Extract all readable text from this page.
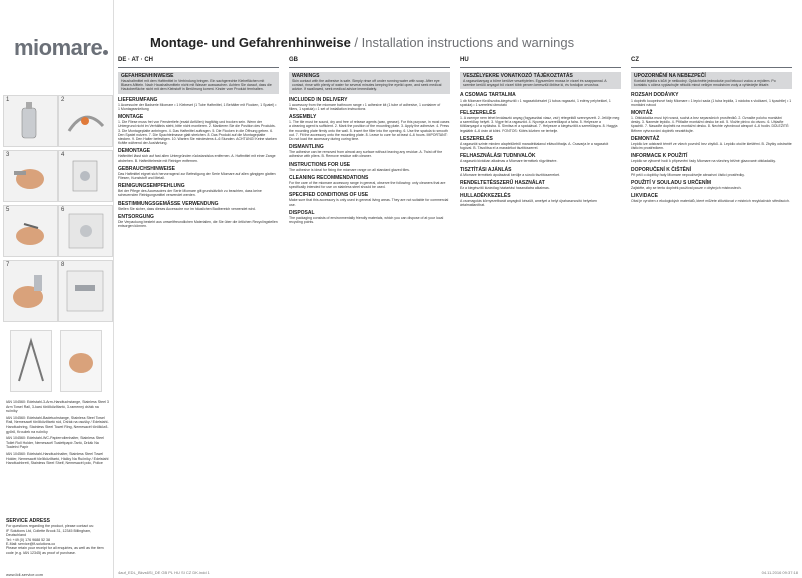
miomare
1	2
3	4
5	6
7	8

IAN 104560: Edelstahl-3-Arm-Handtuchstange, Stainless Steel 3 Arm Towel Rail, 3-karú törölközőtartó, 3-ramenný držák na ručníky

IAN 104560: Edelstahl-Badetuchstange, Stainless Steel Towel Rail, Nemesacél törölközőtartó rúd, Držák na osušky / Edelstahl-Handtuchring, Stainless Steel Towel Ring, Nemesacél törölköző-gyűrű, Kroužek na ručníky

IAN 104560: Edelstahl-WC-Papierrollenhalter, Stainless Steel Toilet Roll Holder, Nemesacél Toalettpapír-Tartó, Držák Na Toaletní Papír

IAN 104560: Edelstahl-Handtuchhalter, Stainless Steel Towel Holder, Nemesacél törölközőtartó, Háčky Na Ručníky / Edelstahl Handtuchbrett, Stainless Steel Shelf, Nemesacél polc, Police

SERVICE ADRESS
For questions regarding the product, please contact us:
IF Solutions Ltd, Collette Brook 31, 12345 Billingham, Deutschland
Tel: +49 (0) 176 9688 52 38
E-Mail: service@if-solutions.co
Please retain your receipt for all enquiries, as well as the item code (e.g. IAN 12345) as proof of purchase.
www.lidl-service.com
Montage- und Gefahrenhinweise / Installation instructions and warnings
DE · AT · CH	GB	HU	CZ
GEFAHRENHINWEISE

Haushaltmittel mit dem Hafttmittel in Verbindung bringen. Ein sachgerechte Klebeflächen mit Blasen-Mitteln. Nach Haushaltsmitteln nicht mit Wasser auswaschen. Achten Sie darauf, dass die Hautoberfläche nicht mit dem Klebstoff in Berührung kommt. Kinder vom Produkt fernhalten.

LIEFERUMFANG

1 Accessoire der Badserie Miomare • 1 Klebeset (1 Tube Haftmittel, 1 Behälter mit Flocken, 1 Spatel) • 1 Montageanleitung

MONTAGE

1. Die Fliese muss frei von Fenstertiefe (exakt Anfüllen) tragfähig und trocken sein. Wenn der Untergrund nicht im Verhältnis steht, bitte nicht montieren. 2. Markieren Sie die Position des Produkts. 3. Die Montageplatte anbringen. 4. Das Haftmittel auftragen. 5. Die Flocken in die Öffnung geben. 6. Den Spatel nutzen. 7. Die Spachtelmasse glatt streichen. 8. Das Produkt auf die Montageplatte stecken. 9. Den Halter befestigen. 10. Warten Sie mindestens 4–6 Stunden. ACHTUNG! Keine starken Kräfte während der Aushärtung.

DEMONTAGE

Haftmittel lässt sich auf fast allen Untergründen rückstandslos entfernen. A. Haftmittel mit einer Zange abdrehen. B. Haftmittelreste mit Reiniger entfernen.

GEBRAUCHSHINWEISE

Das Haftmittel eignet sich hervorragend zur Befestigung der Serie Miomare auf allen gängigen glatten Fliesen, Kunststoff und Metall.

REINIGUNGSEMPFEHLUNG

Bei der Pflege des Accessoires der Serie Miomare gilt grundsätzlich zu beachten, dass keine scheuernden Reinigungsmittel verwendet werden.

BESTIMMUNGSGEMÄSSE VERWENDUNG

Stellen Sie sicher, dass dieses Accessoire nur im häuslichen Badbereich verwendet wird.

ENTSORGUNG

Die Verpackung besteht aus umweltfreundlichen Materialien, die Sie über die örtlichen Recyclingstellen entsorgen können.

WARNINGS

Skin contact with the adhesive is safe. Simply rinse off under running water with soap. After eye contact, rinse with plenty of water for several minutes keeping the eyelid open, and seek medical advice. If swallowed, seek medical advice immediately.

INCLUDED IN DELIVERY

1 accessory from the miomare bathroom range • 1 adhesive kit (1 tube of adhesive, 1 container of fillers, 1 spatula) • 1 set of installation instructions

ASSEMBLY

1. The tile must be sound, dry and free of release agents (wax, grease). For this purpose, in most cases a cleaning agent is sufficient. 2. Mark the position of the mounting plate. 3. Apply the adhesive. 4. Press the mounting plate firmly onto the wall. 5. Insert the filler into the opening. 6. Use the spatula to smooth out. 7. Fit the accessory onto the mounting plate. 8. Leave to cure for at least 4–6 hours. IMPORTANT: Do not load the accessory during curing time.

DISMANTLING

The adhesive can be removed from almost any surface without leaving any residue. A. Twist off the adhesive with pliers. B. Remove residue with cleaner.

INSTRUCTIONS FOR USE

The adhesive is ideal for fixing the miomare range on all standard glazed tiles.

CLEANING RECOMMENDATIONS

For the care of the miomare accessory range in general, observe the following: only cleaners that are specifically intended for use on stainless steel should be used.

SPECIFIED CONDITIONS OF USE

Make sure that this accessory is only used in general living areas. They are not suitable for commercial use.

DISPOSAL

The packaging consists of environmentally friendly materials, which you can dispose of at your local recycling points.

VESZÉLYEKRE VONATKOZÓ TÁJÉKOZTATÁS

A ragasztóanyag a bőrre kerülve veszélytelen. Egyszerűen mossa le vízzel és szappannal. A szembe kerülő anyagot bő vízzel több percen keresztül öblítse ki, és forduljon orvoshoz.

A CSOMAG TARTALMA

1 db Miomare fürdőszoba-kiegészítő • 1 ragasztókészlet (1 tubus ragasztó, 1 edény pelyhekkel, 1 spatula) • 1 szerelési útmutató

FELSZERELÉS

1. A csempe nem lehet leválasztó anyag (fogyasztási viasz, zsír) rétegektől szennyezett. 2. Jelölje meg a szerelőlap helyét. 3. Vigye fel a ragasztót. 4. Nyomja a szerelőlapot a falra. 5. Helyezze a töltőanyagot a nyílásba. 6. Simítsa el a spatulával. 7. Helyezze a kiegészítőt a szerelőlapra. 8. Hagyja legalább 4–6 órán át kötni. FONTOS: Kötés közben ne terhelje.

LESZERELÉS

A ragasztót szinte minden alapfelületről maradéktalanul eltávolíthatja. A. Csavarja le a ragasztót fogóval. B. Távolítsa el a maradékot tisztítószerrel.

FELHASZNÁLÁSI TUDNIVALÓK

A ragasztó kiválóan alkalmas a Miomare termékek rögzítésére.

TISZTÍTÁSI AJÁNLÁS

A Miomare termékek ápolásánál kerülje a súroló tisztítószereket.

RENDELTETÉSSZERŰ HASZNÁLAT

Ez a kiegészítő kizárólag háztartási használatra alkalmas.

HULLADÉKKEZELÉS

A csomagolás környezetbarát anyagból készült, amelyet a helyi újrahasznosító helyeken ártalmatlaníthat.

UPOZORNĚNÍ NA NEBEZPEČÍ

Kontakt lepidla s kůží je neškodný. Opláchněte jednoduše pod tekoucí vodou a mýdlem. Po kontaktu s očima vyplachujte několik minut velkým množstvím vody a vyhledejte lékaře.

ROZSAH DODÁVKY

1 doplněk koupelnové řady Miomare • 1 lepicí sada (1 tuba lepidla, 1 nádoba s vločkami, 1 špachtle) • 1 montážní návod

MONTÁŽ

1. Obkládačka musí být nosná, suchá a bez separačních prostředků. 2. Označte polohu montážní desky. 3. Naneste lepidlo. 4. Přitlačte montážní desku ke zdi. 5. Vložte plnivo do otvoru. 6. Uhlaďte špachtlí. 7. Nasaďte doplněk na montážní desku. 8. Nechte vytvrdnout alespoň 4–6 hodin. DŮLEŽITÉ: Během vytvrzování doplněk nezatěžujte.

DEMONTÁŽ

Lepidlo lze odstranit téměř ze všech povrchů bez zbytků. A. Lepidlo otočte kleštěmi. B. Zbytky odstraňte čisticím prostředkem.

INFORMACE K POUŽITÍ

Lepidlo se výborně hodí k připevnění řady Miomare na všechny běžné glazované obkladačky.

DOPORUČENÍ K ČIŠTĚNÍ

Při péči o doplňky řady Miomare nepoužívejte abrazivní čisticí prostředky.

POUŽITÍ V SOULADU S URČENÍM

Zajistěte, aby se tento doplněk používal pouze v obytných místnostech.

LIKVIDACE

Obal je vyroben z ekologických materiálů, které můžete zlikvidovat v místních recyklačních střediscích.

4auf_EDL_Bkvs6Sl_DE GB PL HU SI CZ DK.indd 1	04.11.2016 09:37:18
